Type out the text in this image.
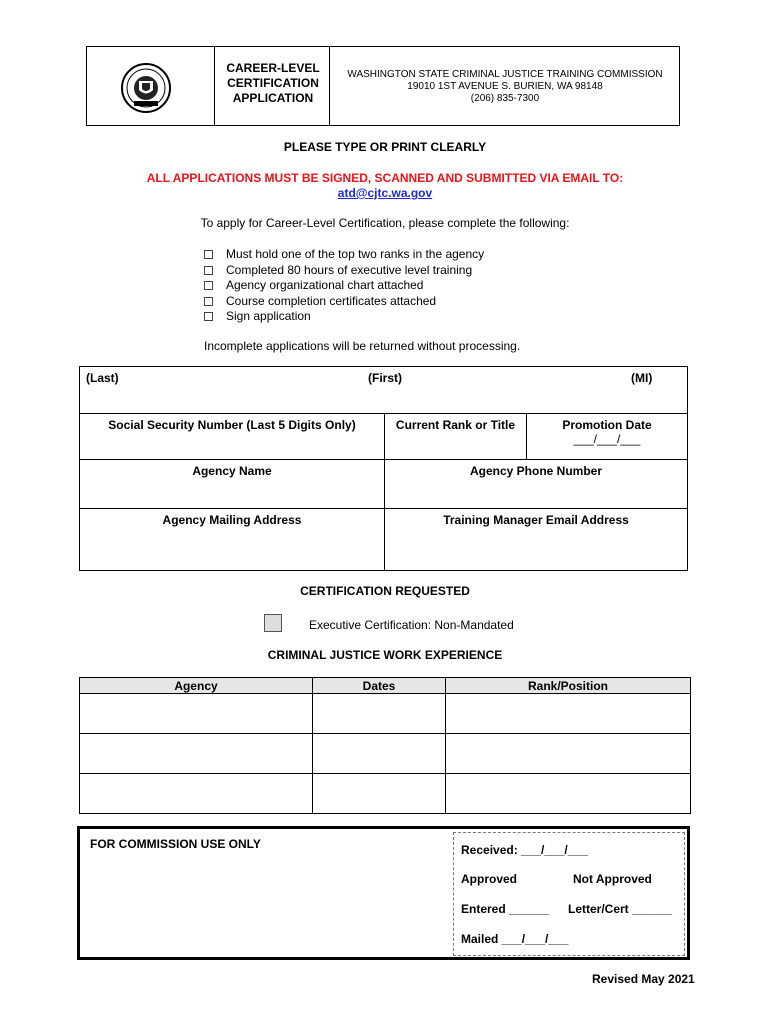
CAREER-LEVEL
CERTIFICATION
APPLICATION
WASHINGTON STATE CRIMINAL JUSTICE TRAINING COMMISSION
19010 1ST AVENUE S. BURIEN, WA 98148
(206) 835-7300
PLEASE TYPE OR PRINT CLEARLY
ALL APPLICATIONS MUST BE SIGNED, SCANNED AND SUBMITTED VIA EMAIL TO:
atd@cjtc.wa.gov
To apply for Career-Level Certification, please complete the following:
Must hold one of the top two ranks in the agency
Completed 80 hours of executive level training
Agency organizational chart attached
Course completion certificates attached
Sign application
Incomplete applications will be returned without processing.
(Last) (First) (MI)		

Social Security Number (Last 5 Digits Only)	Current Rank or Title	Promotion Date
___/___/___

Agency Name	Agency Phone Number	
Agency Mailing Address	Training Manager Email Address	
CERTIFICATION REQUESTED
Executive Certification: Non-Mandated
CRIMINAL JUSTICE WORK EXPERIENCE
Agency	Dates	Rank/Position

FOR COMMISSION USE ONLY	Received: ___/___/___
Approved	Not Approved
Entered ______ Letter/Cert ______
Mailed ___/___/___
Revised May 2021
